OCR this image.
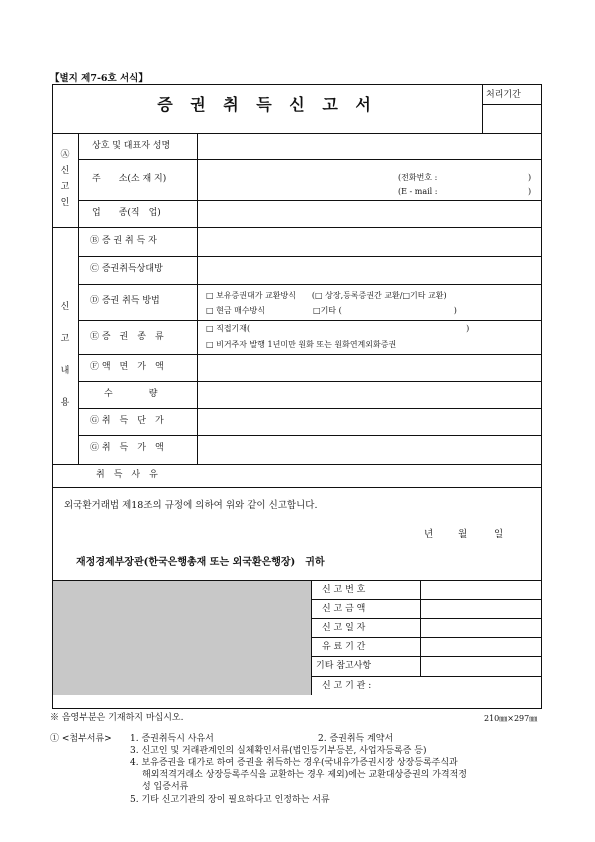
【별지 제7-6호 서식】
증 권 취 득 신 고 서	처리기간
Ⓐ
신
고
인
상호 및 대표자 성명
주　　소(소 재 지)	(전화번호 :	)
(E - mail :	)
업　　종(직　업)
신
고
내
용
Ⓑ 증 권 취 득 자
Ⓒ 증권취득상대방
Ⓓ 증권 취득 방법
□ 보유증권대가 교환방식　　(□ 상장,등록증권간 교환/□기타 교환)
□ 현금 매수방식　　　　　　□기타 (　　　　　　　　　　　　　　)
Ⓔ 증　권　종　류
□ 직접기재(　　　　　　　　　　　　　　　　　　　　　　　　　　　)
□ 비거주자 발행 1년미만 원화 또는 원화연계외화증권
Ⓕ 액　면　가　액
수　　　　량
Ⓖ 취　득　단　가
Ⓖ 취　득　가　액
취　득　사　유
외국환거래법 제18조의 규정에 의하여 위와 같이 신고합니다.
년	월	일
재정경제부장관(한국은행총재 또는 외국환은행장)　귀하
신 고 번 호
신 고 금 액
신 고 일 자
유 료 기 간
기타 참고사항
신 고 기 관 :
※ 음영부분은 기재하지 마십시오.	210㎜×297㎜
① <첨부서류> 1. 증권취득시 사유서	2. 증권취득 계약서
3. 신고인 및 거래관계인의 실체확인서류(법인등기부등본, 사업자등록증 등)
4. 보유증권을 대가로 하여 증권을 취득하는 경우(국내유가증권시장 상장등록주식과
해외적격거래소 상장등록주식을 교환하는 경우 제외)에는 교환대상증권의 가격적정
성 입증서류
5. 기타 신고기관의 장이 필요하다고 인정하는 서류
